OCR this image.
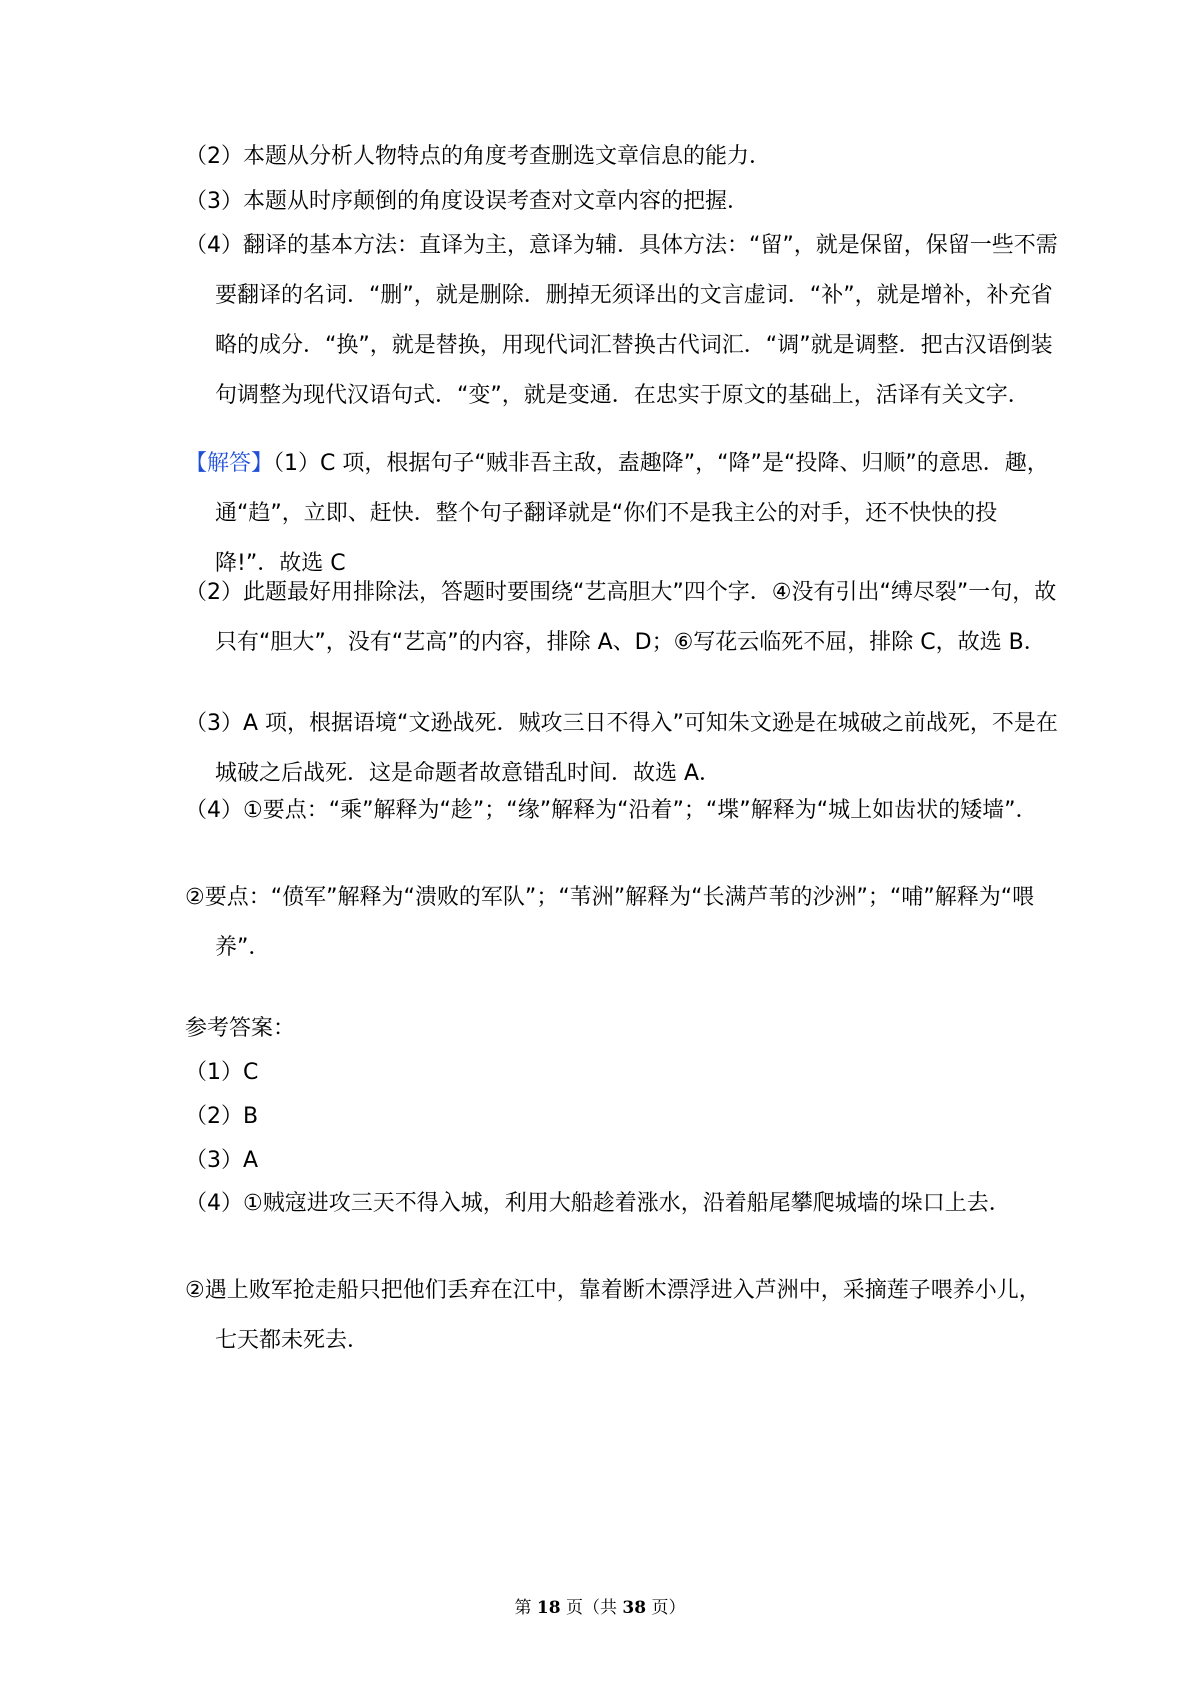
（2）本题从分析人物特点的角度考查删选文章信息的能力．
（3）本题从时序颠倒的角度设误考查对文章内容的把握．
（4）翻译的基本方法：直译为主，意译为辅．具体方法：“留”，就是保留，保留一些不需要翻译的名词．“删”，就是删除．删掉无须译出的文言虚词．“补”，就是增补，补充省略的成分．“换”，就是替换，用现代词汇替换古代词汇．“调”就是调整．把古汉语倒装句调整为现代汉语句式．“变”，就是变通．在忠实于原文的基础上，活译有关文字．
【解答】（1）C 项，根据句子“贼非吾主敌，盍趣降”，“降”是“投降、归顺”的意思．趣，通“趋”，立即、赶快．整个句子翻译就是“你们不是我主公的对手，还不快快的投降!”．故选 C
（2）此题最好用排除法，答题时要围绕“艺高胆大”四个字．④没有引出“缚尽裂”一句，故只有“胆大”，没有“艺高”的内容，排除 A、D；⑥写花云临死不屈，排除 C，故选 B．
（3）A 项，根据语境“文逊战死．贼攻三日不得入”可知朱文逊是在城破之前战死，不是在城破之后战死．这是命题者故意错乱时间．故选 A．
（4）①要点：“乘”解释为“趁”；“缘”解释为“沿着”；“堞”解释为“城上如齿状的矮墙”．
②要点：“偾军”解释为“溃败的军队”；“苇洲”解释为“长满芦苇的沙洲”；“哺”解释为“喂养”．
参考答案：
（1）C
（2）B
（3）A
（4）①贼寇进攻三天不得入城，利用大船趁着涨水，沿着船尾攀爬城墙的垛口上去．
②遇上败军抢走船只把他们丢弃在江中，靠着断木漂浮进入芦洲中，采摘莲子喂养小儿，七天都未死去．
第 18 页（共 38 页）
